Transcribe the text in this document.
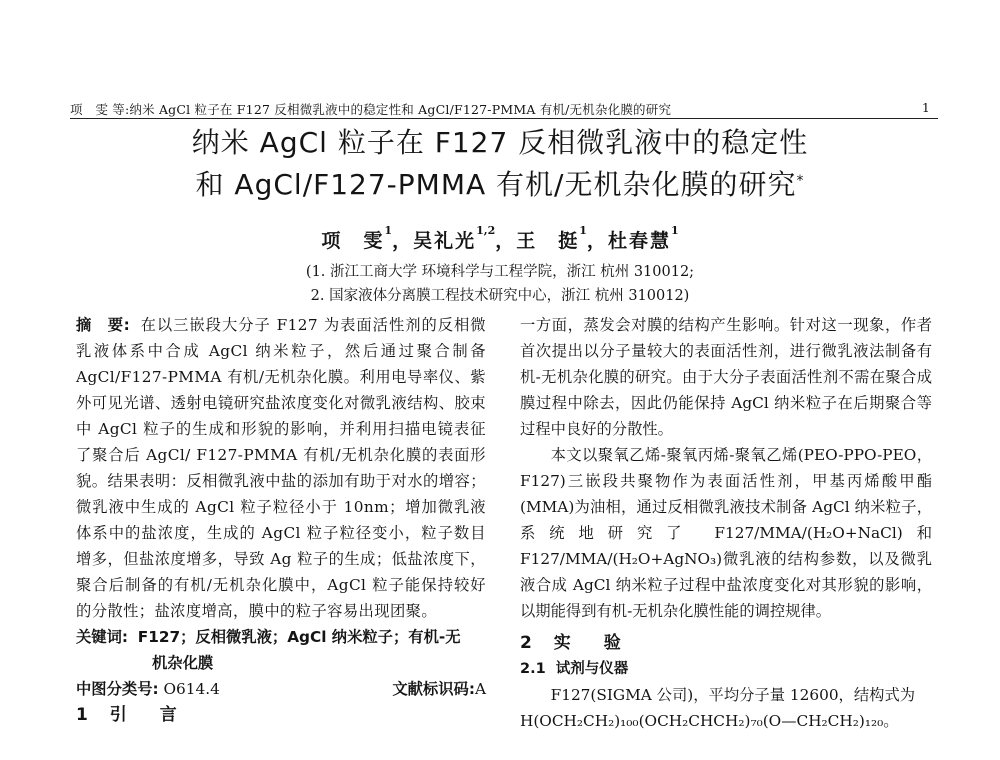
项　雯 等:纳米 AgCl 粒子在 F127 反相微乳液中的稳定性和 AgCl/F127-PMMA 有机/无机杂化膜的研究	1
纳米 AgCl 粒子在 F127 反相微乳液中的稳定性
和 AgCl/F127-PMMA 有机/无机杂化膜的研究*
项　雯$^1$，吴礼光$^{1,2}$，王　挺$^1$，杜春慧$^1$
(1. 浙江工商大学 环境科学与工程学院，浙江 杭州 310012;
2. 国家液体分离膜工程技术研究中心，浙江 杭州 310012)

摘　要: 在以三嵌段大分子 F127 为表面活性剂的反相微乳液体系中合成 AgCl 纳米粒子，然后通过聚合制备 AgCl/F127-PMMA 有机/无机杂化膜。利用电导率仪、紫外可见光谱、透射电镜研究盐浓度变化对微乳液结构、胶束中 AgCl 粒子的生成和形貌的影响，并利用扫描电镜表征了聚合后 AgCl/ F127-PMMA 有机/无机杂化膜的表面形貌。结果表明：反相微乳液中盐的添加有助于对水的增容；微乳液中生成的 AgCl 粒子粒径小于 10nm；增加微乳液体系中的盐浓度，生成的 AgCl 粒子粒径变小，粒子数目增多，但盐浓度增多，导致 Ag 粒子的生成；低盐浓度下，聚合后制备的有机/无机杂化膜中，AgCl 粒子能保持较好的分散性；盐浓度增高，膜中的粒子容易出现团聚。

关键词: F127；反相微乳液；AgCl 纳米粒子；有机-无

机杂化膜

中图分类号: O614.4	文献标识码:A

1 引　言

一方面，蒸发会对膜的结构产生影响。针对这一现象，作者首次提出以分子量较大的表面活性剂，进行微乳液法制备有机-无机杂化膜的研究。由于大分子表面活性剂不需在聚合成膜过程中除去，因此仍能保持 AgCl 纳米粒子在后期聚合等过程中良好的分散性。

本文以聚氧乙烯-聚氧丙烯-聚氧乙烯(PEO-PPO-PEO，F127)三嵌段共聚物作为表面活性剂，甲基丙烯酸甲酯(MMA)为油相，通过反相微乳液技术制备 AgCl 纳米粒子，系统地研究了 F127/MMA/(H₂O+NaCl)和 F127/MMA/(H₂O+AgNO₃)微乳液的结构参数，以及微乳液合成 AgCl 纳米粒子过程中盐浓度变化对其形貌的影响，以期能得到有机-无机杂化膜性能的调控规律。

2 实　验

2.1 试剂与仪器

F127(SIGMA 公司)，平均分子量 12600，结构式为

H(OCH₂CH₂)₁₀₀(OCH₂CHCH₂)₇₀(O—CH₂CH₂)₁₂₀。
